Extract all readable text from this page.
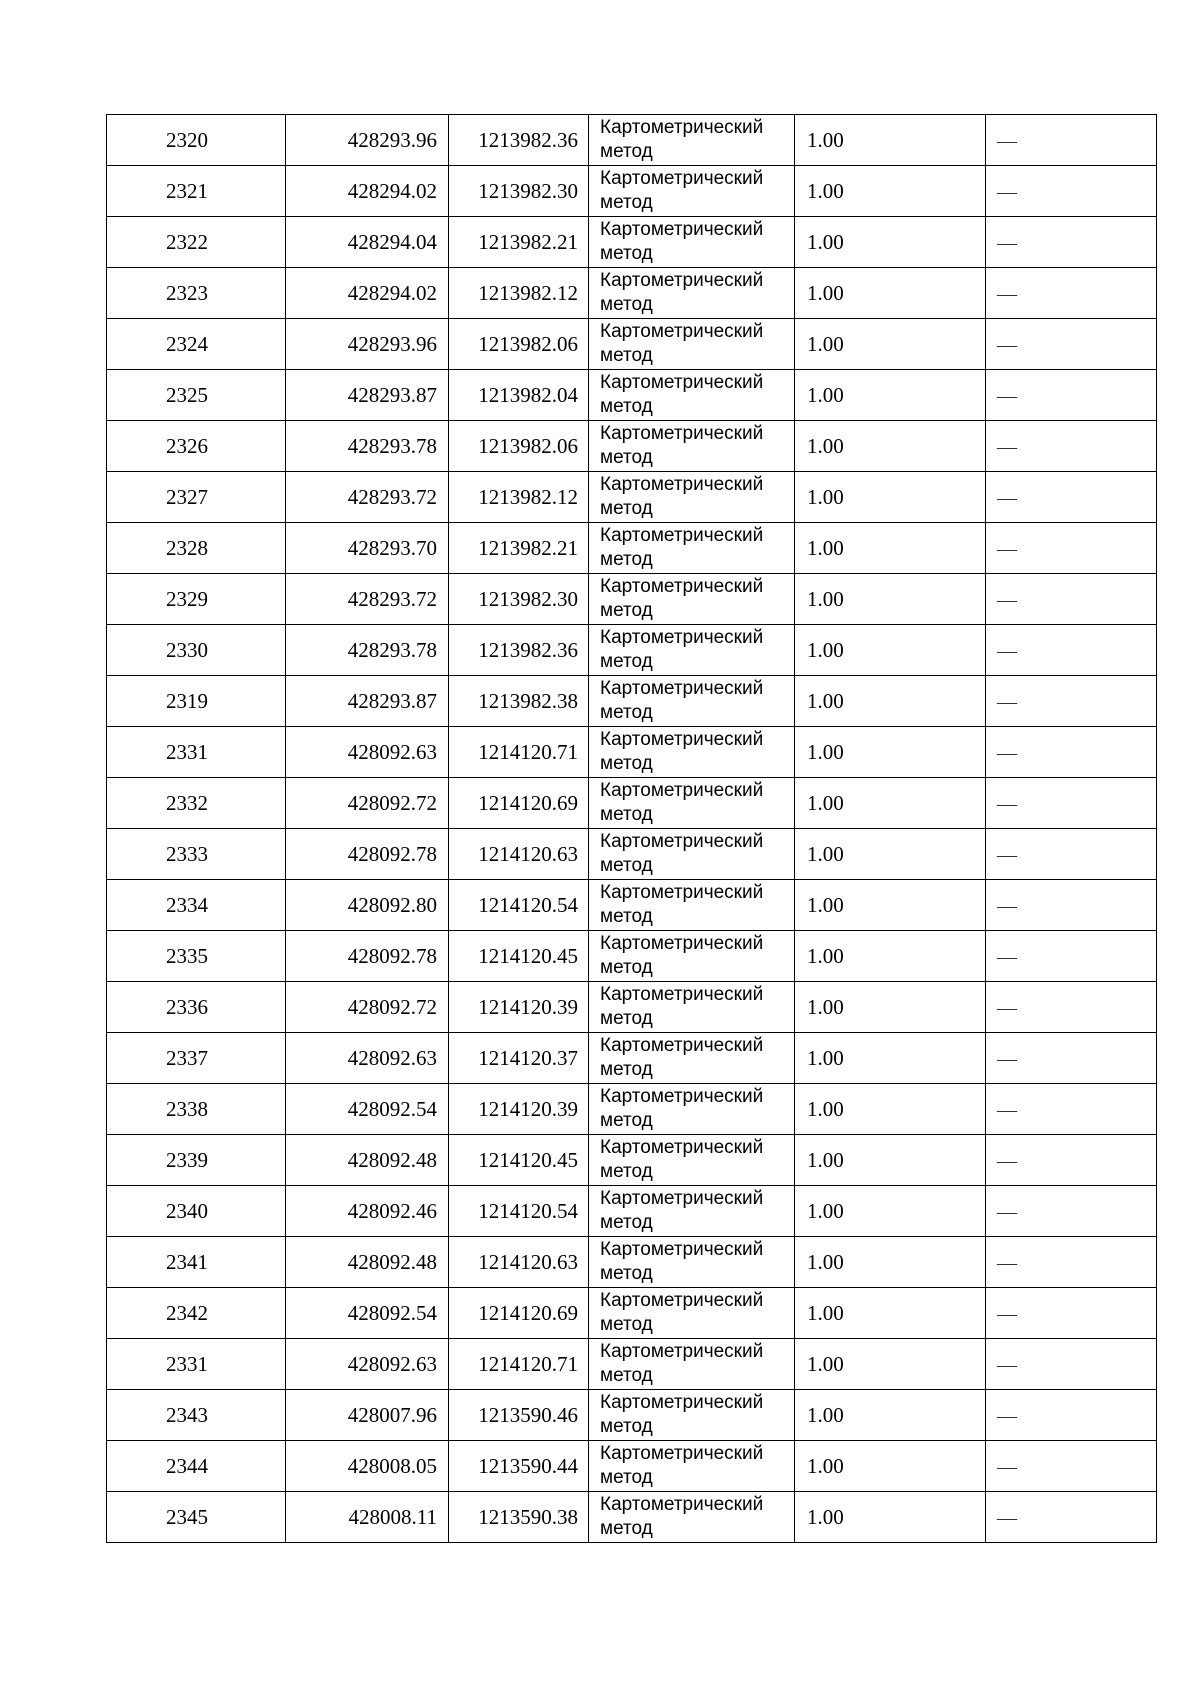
2320	428293.96	1213982.36	Картометрический
метод	1.00	—
2321	428294.02	1213982.30	Картометрический
метод	1.00	—
2322	428294.04	1213982.21	Картометрический
метод	1.00	—
2323	428294.02	1213982.12	Картометрический
метод	1.00	—
2324	428293.96	1213982.06	Картометрический
метод	1.00	—
2325	428293.87	1213982.04	Картометрический
метод	1.00	—
2326	428293.78	1213982.06	Картометрический
метод	1.00	—
2327	428293.72	1213982.12	Картометрический
метод	1.00	—
2328	428293.70	1213982.21	Картометрический
метод	1.00	—
2329	428293.72	1213982.30	Картометрический
метод	1.00	—
2330	428293.78	1213982.36	Картометрический
метод	1.00	—
2319	428293.87	1213982.38	Картометрический
метод	1.00	—
2331	428092.63	1214120.71	Картометрический
метод	1.00	—
2332	428092.72	1214120.69	Картометрический
метод	1.00	—
2333	428092.78	1214120.63	Картометрический
метод	1.00	—
2334	428092.80	1214120.54	Картометрический
метод	1.00	—
2335	428092.78	1214120.45	Картометрический
метод	1.00	—
2336	428092.72	1214120.39	Картометрический
метод	1.00	—
2337	428092.63	1214120.37	Картометрический
метод	1.00	—
2338	428092.54	1214120.39	Картометрический
метод	1.00	—
2339	428092.48	1214120.45	Картометрический
метод	1.00	—
2340	428092.46	1214120.54	Картометрический
метод	1.00	—
2341	428092.48	1214120.63	Картометрический
метод	1.00	—
2342	428092.54	1214120.69	Картометрический
метод	1.00	—
2331	428092.63	1214120.71	Картометрический
метод	1.00	—
2343	428007.96	1213590.46	Картометрический
метод	1.00	—
2344	428008.05	1213590.44	Картометрический
метод	1.00	—
2345	428008.11	1213590.38	Картометрический
метод	1.00	—
